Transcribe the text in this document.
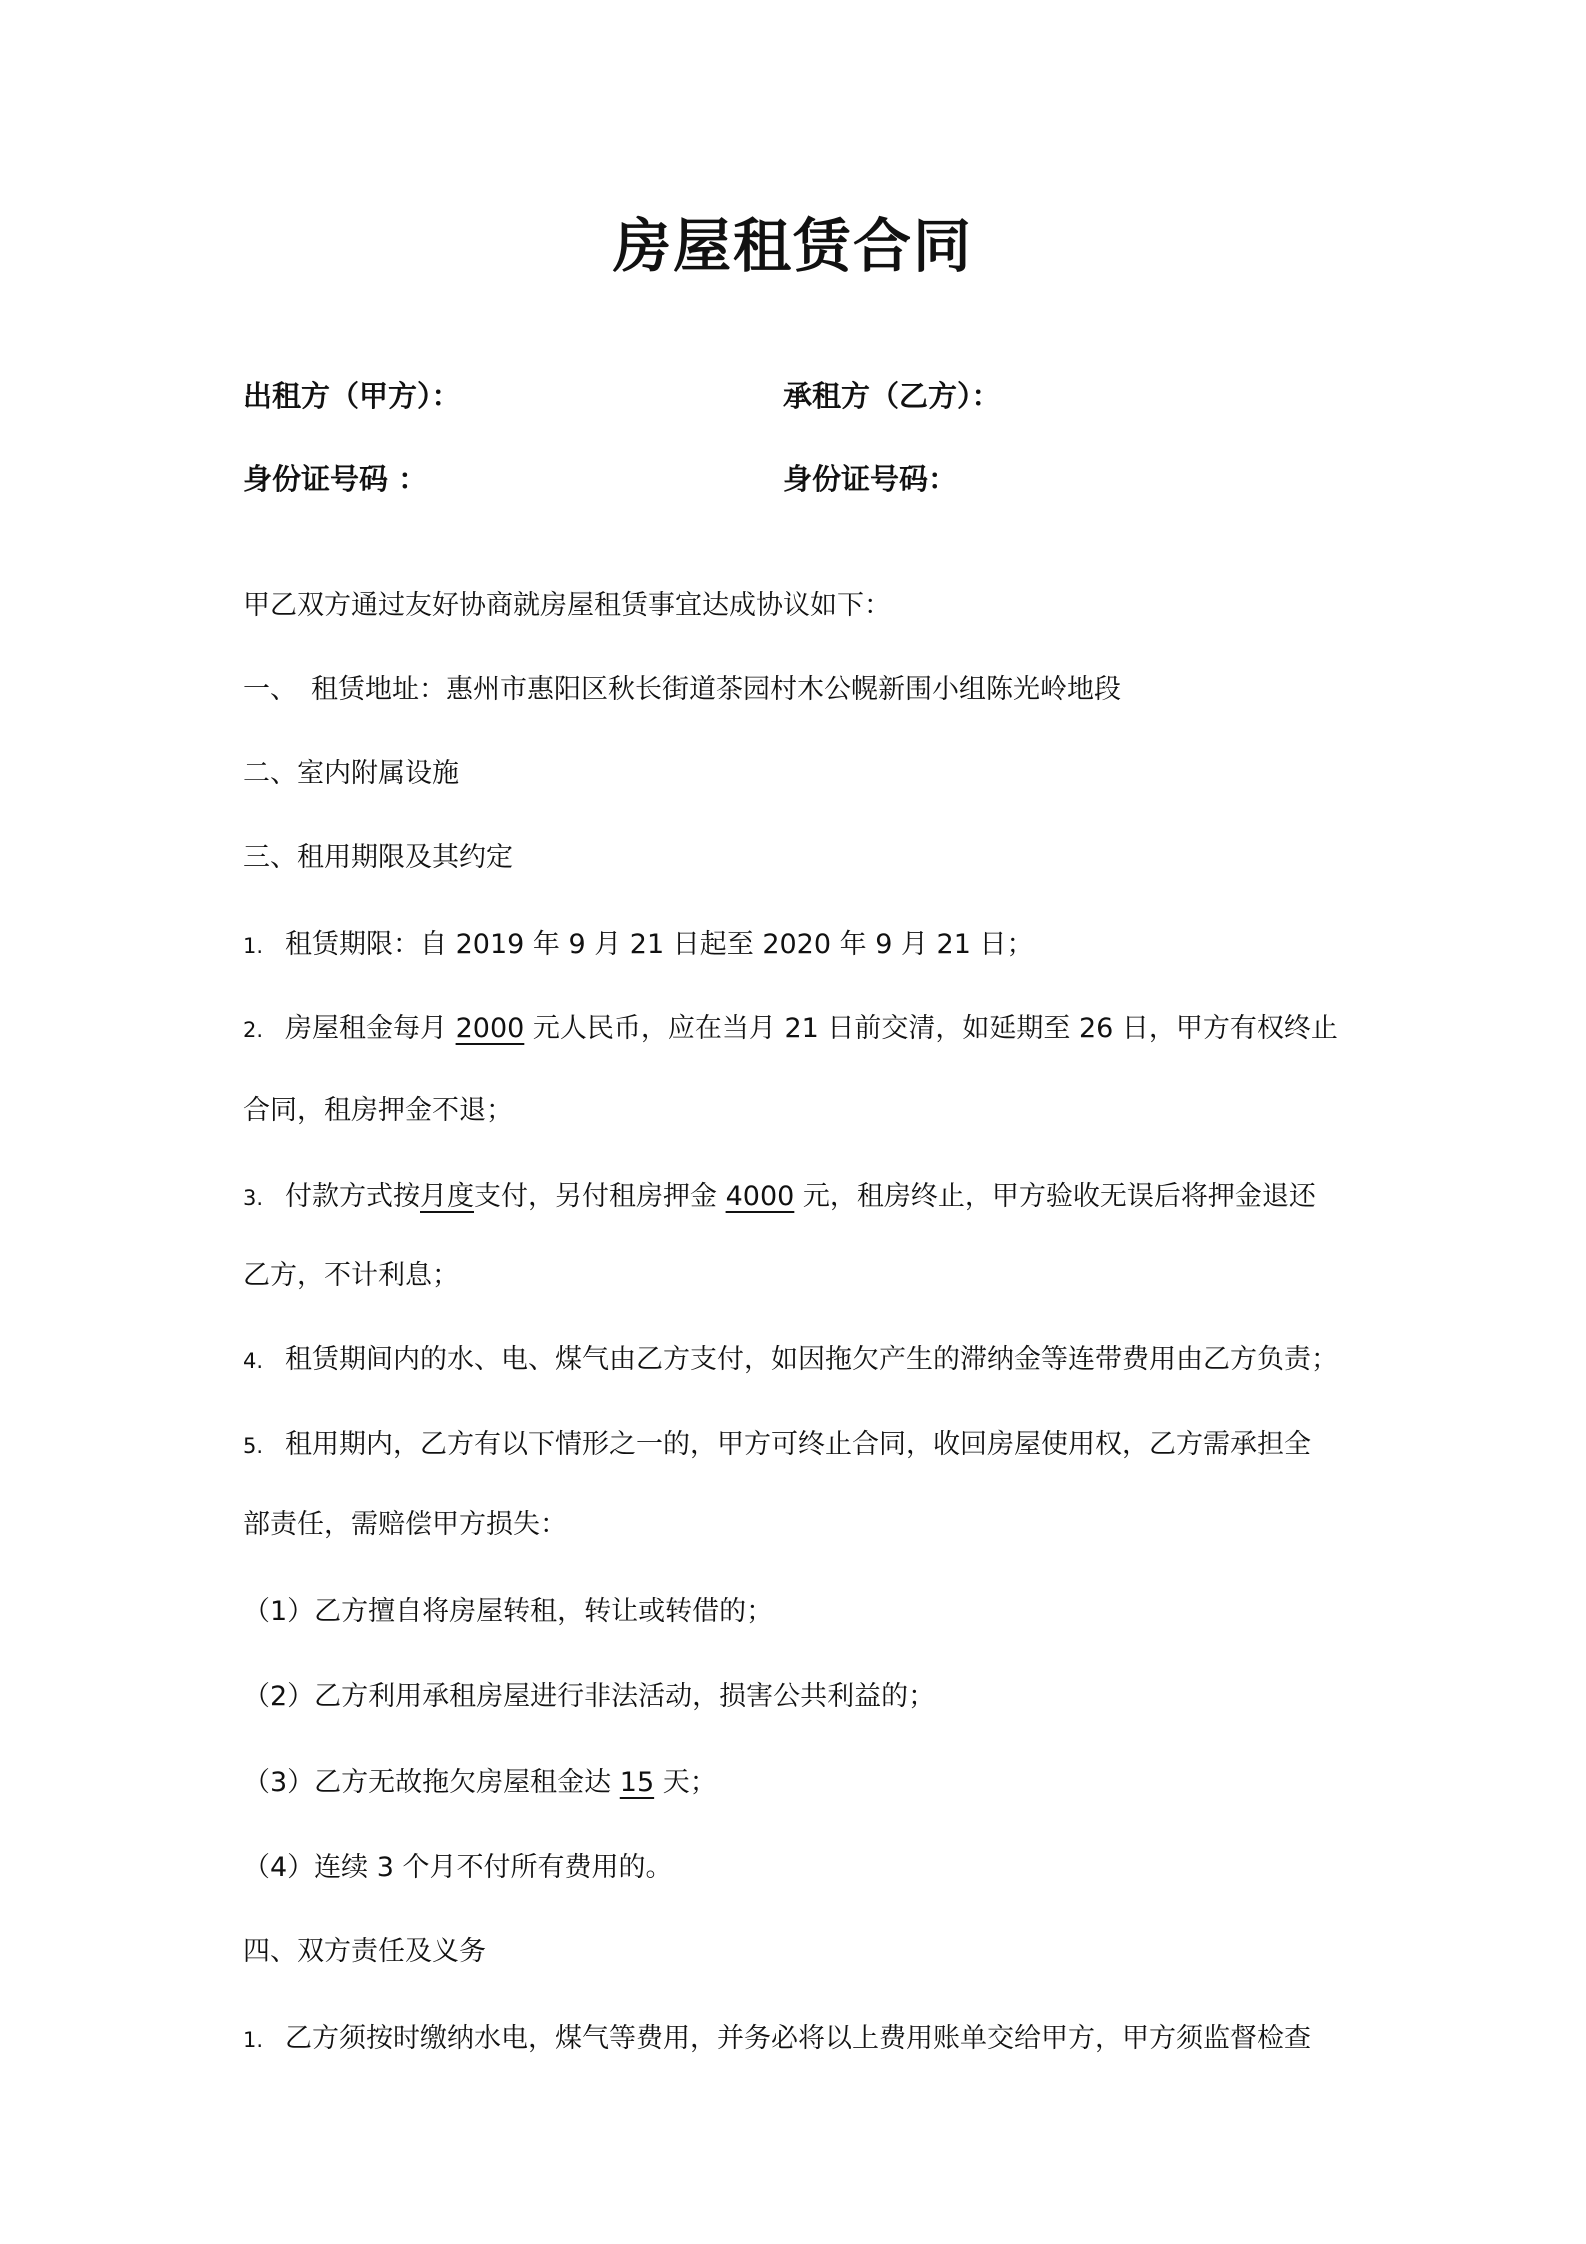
房屋租赁合同
出租方（甲方）：	承租方（乙方）：
身份证号码 ：	身份证号码：
甲乙双方通过友好协商就房屋租赁事宜达成协议如下：
一、 租赁地址：惠州市惠阳区秋长街道茶园村木公幌新围小组陈光岭地段
二、室内附属设施
三、租用期限及其约定
1. 租赁期限：自 2019 年 9 月 21 日起至 2020 年 9 月 21 日；
2. 房屋租金每月 2000 元人民币，应在当月 21 日前交清，如延期至 26 日，甲方有权终止
合同，租房押金不退；
3. 付款方式按月度支付，另付租房押金 4000 元，租房终止，甲方验收无误后将押金退还
乙方，不计利息；
4. 租赁期间内的水、电、煤气由乙方支付，如因拖欠产生的滞纳金等连带费用由乙方负责；
5. 租用期内，乙方有以下情形之一的，甲方可终止合同，收回房屋使用权，乙方需承担全
部责任，需赔偿甲方损失：
（1）乙方擅自将房屋转租，转让或转借的；
（2）乙方利用承租房屋进行非法活动，损害公共利益的；
（3）乙方无故拖欠房屋租金达 15 天；
（4）连续 3 个月不付所有费用的。
四、双方责任及义务
1. 乙方须按时缴纳水电，煤气等费用，并务必将以上费用账单交给甲方，甲方须监督检查
